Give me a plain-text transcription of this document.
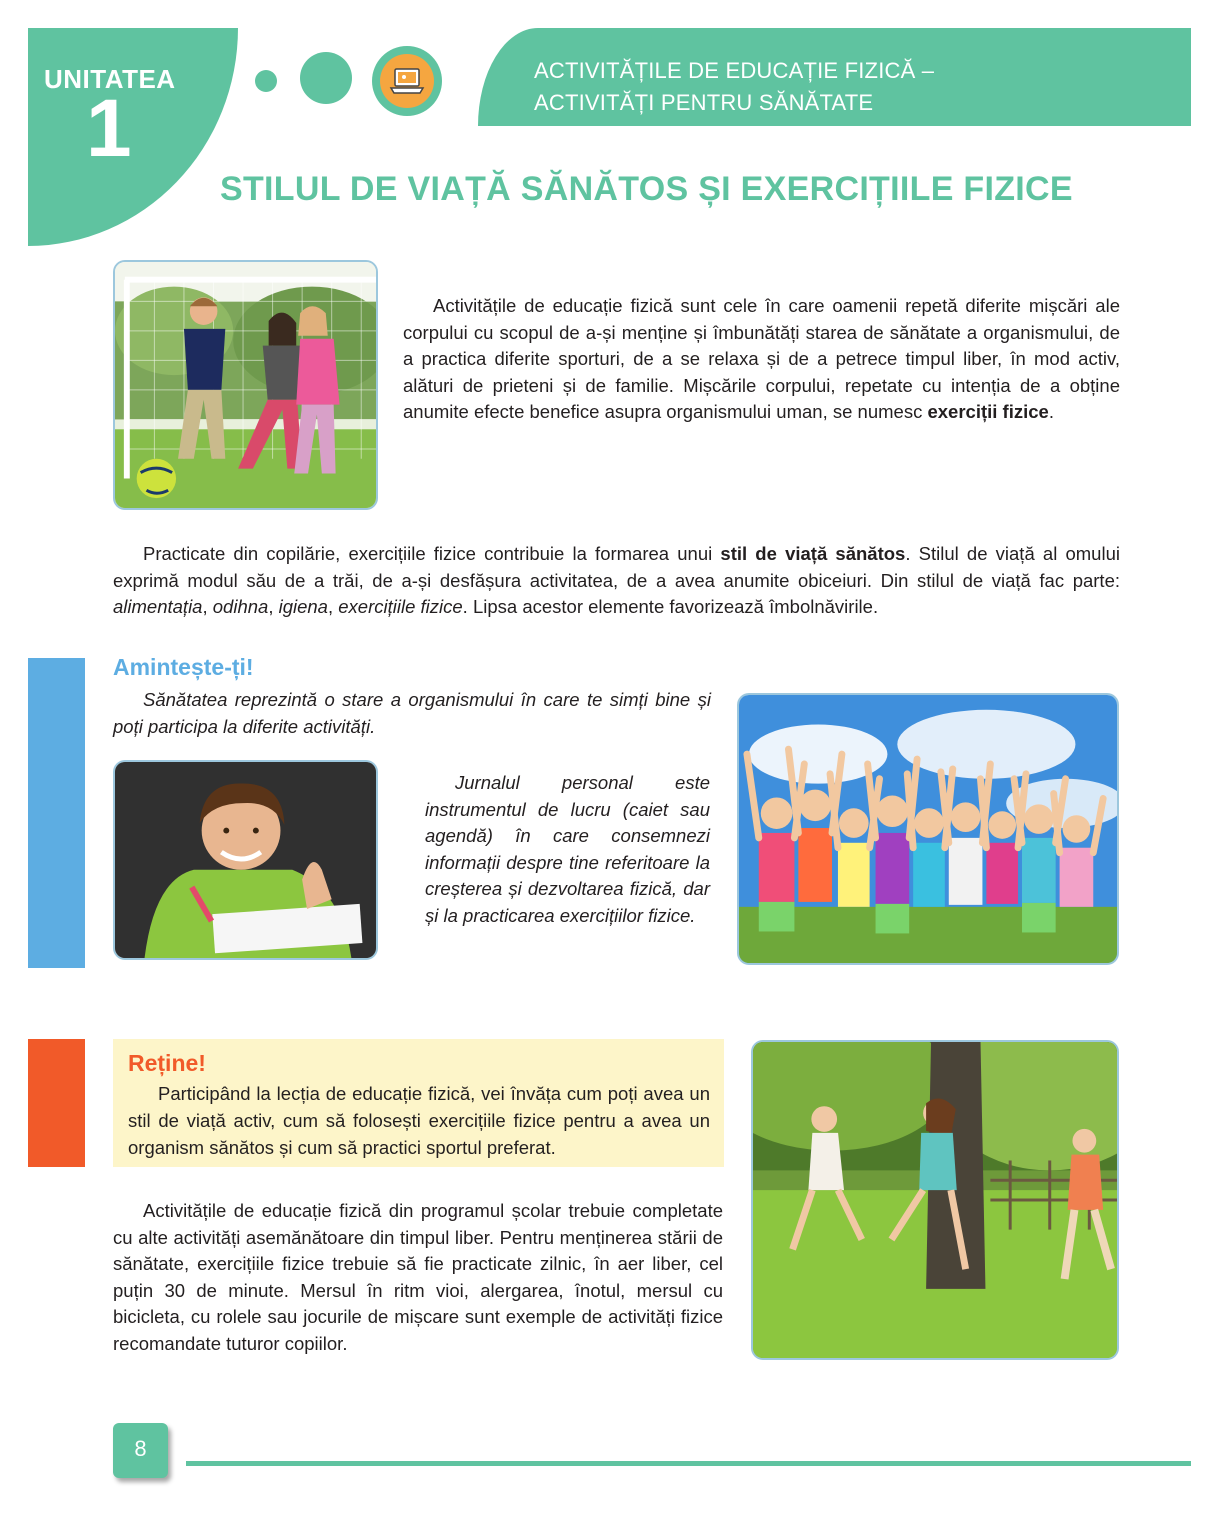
UNITATEA
1
ACTIVITĂȚILE DE EDUCAȚIE FIZICĂ –
ACTIVITĂȚI PENTRU SĂNĂTATE
STILUL DE VIAȚĂ SĂNĂTOS ȘI EXERCIȚIILE FIZICE
Activitățile de educație fizică sunt cele în care oamenii repetă diferite mișcări ale corpului cu scopul de a-și menține și îmbunătăți starea de sănătate a organismului, de a practica diferite sporturi, de a se relaxa și de a petrece timpul liber, în mod activ, alături de prieteni și de familie. Mișcările corpului, repetate cu intenția de a obține anumite efecte benefice asupra organismului uman, se numesc exerciții fizice.
Practicate din copilărie, exercițiile fizice contribuie la formarea unui stil de viață sănătos. Stilul de viață al omului exprimă modul său de a trăi, de a-și desfășura activitatea, de a avea anumite obiceiuri. Din stilul de viață fac parte: alimentația, odihna, igiena, exercițiile fizice. Lipsa acestor elemente favorizează îmbolnăvirile.
Amintește-ți!
Sănătatea reprezintă o stare a organismului în care te simți bine și poți participa la diferite activități.
Jurnalul personal este instrumentul de lucru (caiet sau agendă) în care consemnezi informații despre tine referitoare la creșterea și dezvoltarea fizică, dar și la practicarea exercițiilor fizice.
Reține!
Participând la lecția de educație fizică, vei învăța cum poți avea un stil de viață activ, cum să folosești exercițiile fizice pentru a avea un organism sănătos și cum să practici sportul preferat.
Activitățile de educație fizică din programul școlar trebuie completate cu alte activități asemănătoare din timpul liber. Pentru menținerea stării de sănătate, exercițiile fizice trebuie să fie practicate zilnic, în aer liber, cel puțin 30 de minute. Mersul în ritm vioi, alergarea, înotul, mersul cu bicicleta, cu rolele sau jocurile de mișcare sunt exemple de activități fizice recomandate tuturor copiilor.
8
